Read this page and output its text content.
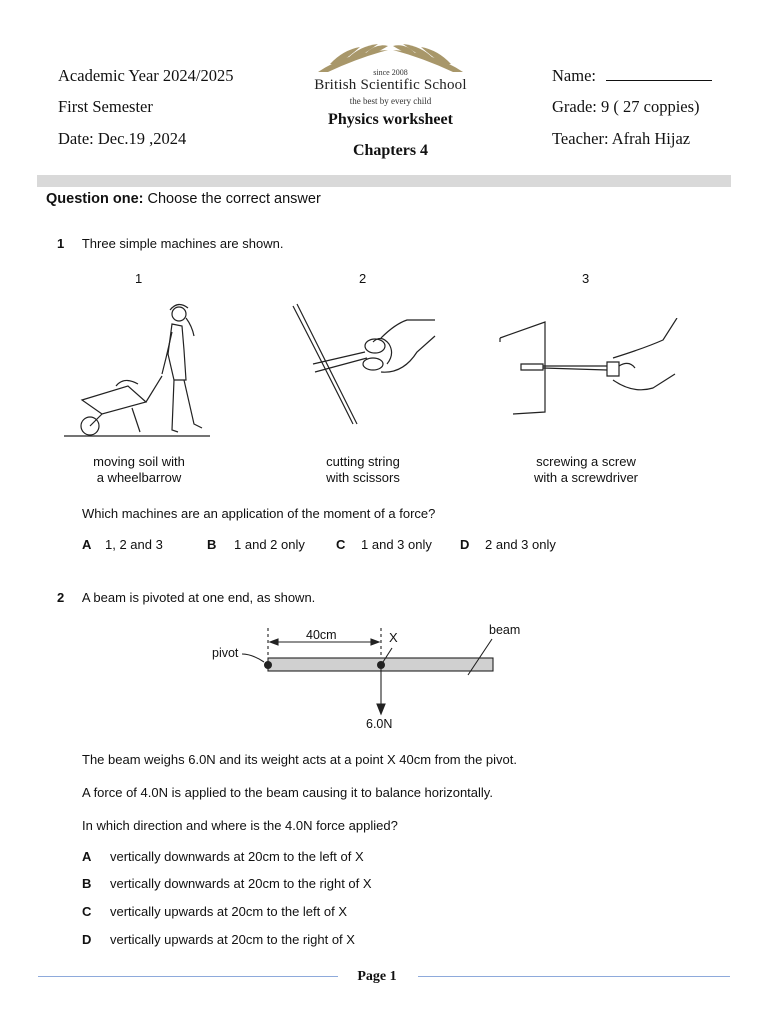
Academic Year 2024/2025
First Semester
Date: Dec.19 ,2024
since 2008
British Scientific School
the best by every child
Physics worksheet
Chapters 4
Name:
Grade: 9 ( 27 coppies)
Teacher: Afrah Hijaz
Question one: Choose the correct answer
1 Three simple machines are shown.
1	2	3
moving soil with
a wheelbarrow
cutting string
with scissors
screwing a screw
with a screwdriver
Which machines are an application of the moment of a force?
A 1, 2 and 3	B 1 and 2 only C 1 and 3 only D 2 and 3 only
2 A beam is pivoted at one end, as shown.
40cm	X	beam
pivot
6.0N
The beam weighs 6.0N and its weight acts at a point X 40cm from the pivot.
A force of 4.0N is applied to the beam causing it to balance horizontally.
In which direction and where is the 4.0N force applied?
A vertically downwards at 20cm to the left of X
B vertically downwards at 20cm to the right of X
C vertically upwards at 20cm to the left of X
D vertically upwards at 20cm to the right of X
Page 1
